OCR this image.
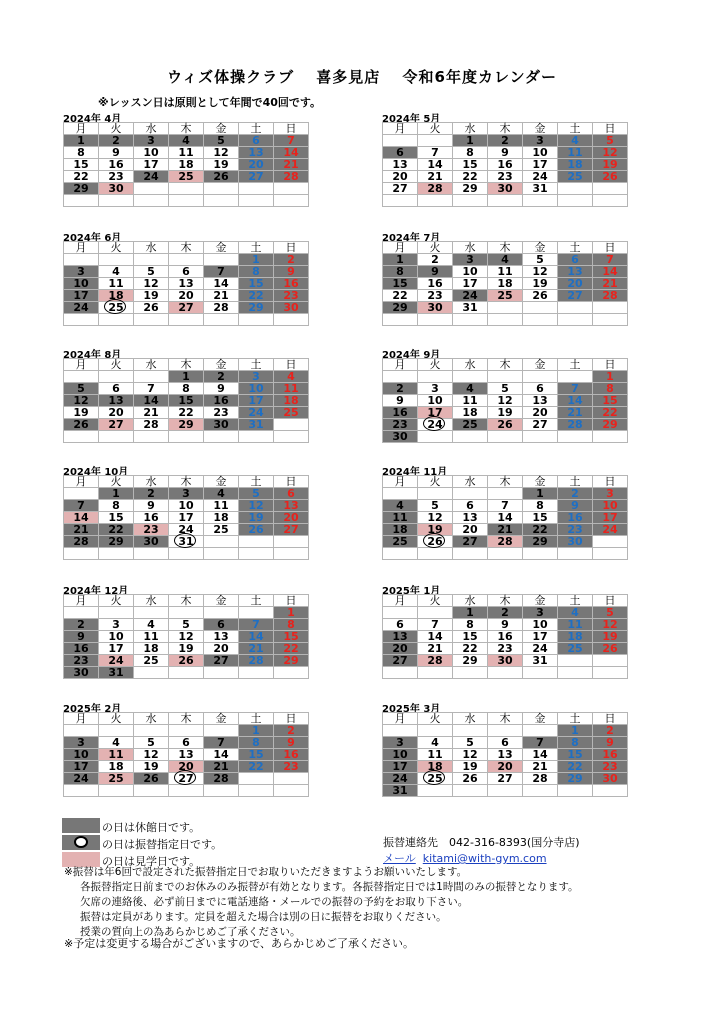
ウィズ体操クラブ　 喜多見店　 令和6年度カレンダー
※レッスン日は原則として年間で40回です。
2024年 4月
月	火	水	木	金	土	日
1	2	3	4	5	6	7
8	9	10	11	12	13	14
15	16	17	18	19	20	21
22	23	24	25	26	27	28
29	30					

2024年 5月
月	火	水	木	金	土	日
		1	2	3	4	5
6	7	8	9	10	11	12
13	14	15	16	17	18	19
20	21	22	23	24	25	26
27	28	29	30	31		

2024年 6月
月	火	水	木	金	土	日
					1	2
3	4	5	6	7	8	9
10	11	12	13	14	15	16
17	18	19	20	21	22	23
24	25	26	27	28	29	30

2024年 7月
月	火	水	木	金	土	日
1	2	3	4	5	6	7
8	9	10	11	12	13	14
15	16	17	18	19	20	21
22	23	24	25	26	27	28
29	30	31				

2024年 8月
月	火	水	木	金	土	日
			1	2	3	4
5	6	7	8	9	10	11
12	13	14	15	16	17	18
19	20	21	22	23	24	25
26	27	28	29	30	31	

2024年 9月
月	火	水	木	金	土	日
						1
2	3	4	5	6	7	8
9	10	11	12	13	14	15
16	17	18	19	20	21	22
23	24	25	26	27	28	29
30						
2024年 10月
月	火	水	木	金	土	日
	1	2	3	4	5	6
7	8	9	10	11	12	13
14	15	16	17	18	19	20
21	22	23	24	25	26	27
28	29	30	31

2024年 11月
月	火	水	木	金	土	日
				1	2	3
4	5	6	7	8	9	10
11	12	13	14	15	16	17
18	19	20	21	22	23	24
25	26	27	28	29	30	

2024年 12月
月	火	水	木	金	土	日
						1
2	3	4	5	6	7	8
9	10	11	12	13	14	15
16	17	18	19	20	21	22
23	24	25	26	27	28	29
30	31					
2025年 1月
月	火	水	木	金	土	日
		1	2	3	4	5
6	7	8	9	10	11	12
13	14	15	16	17	18	19
20	21	22	23	24	25	26
27	28	29	30	31		

2025年 2月
月	火	水	木	金	土	日
					1	2
3	4	5	6	7	8	9
10	11	12	13	14	15	16
17	18	19	20	21	22	23
24	25	26	27	28		

2025年 3月
月	火	水	木	金	土	日
					1	2
3	4	5	6	7	8	9
10	11	12	13	14	15	16
17	18	19	20	21	22	23
24	25	26	27	28	29	30
31						
の日は休館日です。
の日は振替指定日です。
の日は見学日です。
振替連絡先　042-316-8393(国分寺店)
メール kitami@with-gym.com
※振替は年6回で設定された振替指定日でお取りいただきますようお願いいたします。
各振替指定日前までのお休みのみ振替が有効となります。各振替指定日では1時間のみの振替となります。
欠席の連絡後、必ず前日までに電話連絡・メールでの振替の予約をお取り下さい。
振替は定員があります。定員を超えた場合は別の日に振替をお取りください。
授業の質向上の為あらかじめご了承ください。
※予定は変更する場合がございますので、あらかじめご了承ください。
